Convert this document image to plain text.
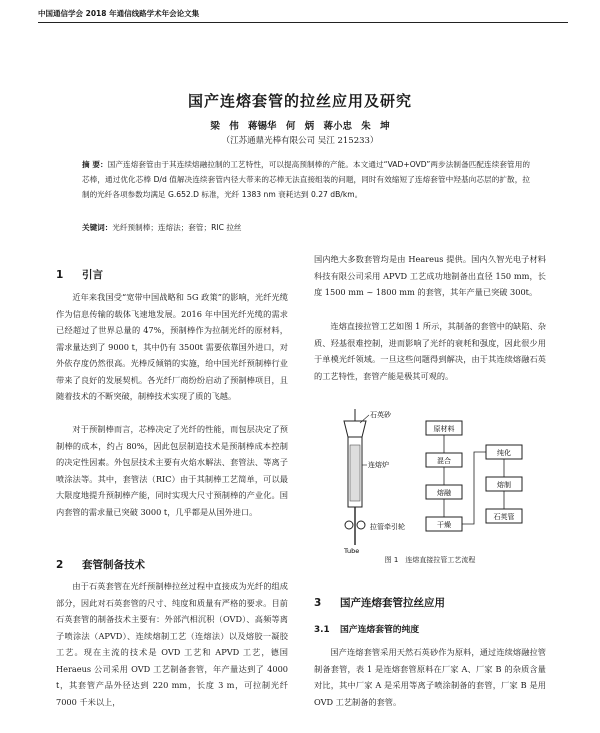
中国通信学会 2018 年通信线路学术年会论文集
国产连熔套管的拉丝应用及研究
梁 伟 蒋锡华 何 炳 蒋小忠 朱 坤
（江苏通鼎光棒有限公司 吴江 215233）
摘 要：国产连熔套管由于其连续熔融拉制的工艺特性，可以提高预制棒的产能。本文通过“VAD+OVD”两步法制备匹配连续套管用的芯棒，通过优化芯棒 D/d 值解决连续套管内径大带来的芯棒无法直接组装的问题，同时有效缩短了连熔套管中羟基向芯层的扩散，拉制的光纤各项参数均满足 G.652.D 标准，光纤 1383 nm 衰耗达到 0.27 dB/km。
关键词：光纤预制棒；连熔法；套管；RIC 拉丝
1 引言
近年来我国受“宽带中国战略和 5G 政策”的影响，光纤光缆作为信息传输的载体飞速地发展。2016 年中国光纤光缆的需求已经超过了世界总量的 47%，预制棒作为拉制光纤的原材料，需求量达到了 9000 t，其中仍有 3500t 需要依靠国外进口，对外依存度仍然很高。光棒反倾销的实施，给中国光纤预制棒行业带来了良好的发展契机。各光纤厂商纷纷启动了预制棒项目，且随着技术的不断突破，制棒技术实现了质的飞越。
对于预制棒而言，芯棒决定了光纤的性能，而包层决定了预制棒的成本，约占 80%，因此包层制造技术是预制棒成本控制的决定性因素。外包层技术主要有火焰水解法、套管法、等离子喷涂法等。其中，套管法（RIC）由于其制棒工艺简单，可以最大限度地提升预制棒产能，同时实现大尺寸预制棒的产业化。国内套管的需求量已突破 3000 t，几乎都是从国外进口。
2 套管制备技术
由于石英套管在光纤预制棒拉丝过程中直接成为光纤的组成部分，因此对石英套管的尺寸、纯度和质量有严格的要求。目前石英套管的制备技术主要有：外部汽相沉积（OVD）、高频等离子喷涂法（APVD）、连续熔制工艺（连熔法）以及熔胶一凝胶工艺。现在主流的技术是 OVD 工艺和 APVD 工艺，德国 Heraeus 公司采用 OVD 工艺制备套管，年产量达到了 4000 t，其套管产品外径达到 220 mm，长度 3 m，可拉制光纤 7000 千米以上，
国内绝大多数套管均是由 Heareus 提供。国内久智光电子材料科技有限公司采用 APVD 工艺成功地制备出直径 150 mm，长度 1500 mm ~ 1800 mm 的套管，其年产量已突破 300t。
连熔直接拉管工艺如图 1 所示，其制备的套管中的缺陷、杂质、羟基很难控制，进而影响了光纤的衰耗和强度，因此很少用于单模光纤领域。一旦这些问题得到解决，由于其连续熔融石英的工艺特性，套管产能是极其可观的。
石英砂
连熔炉
拉管牵引轮
Tube
原材料
混合
熔融
干燥
纯化
熔制
石英管
图 1　连熔直接拉管工艺流程
3 国产连熔套管拉丝应用
3.1 国产连熔套管的纯度
国产连熔套管采用天然石英砂作为原料，通过连续熔融拉管制备套管，表 1 是连熔套管原料在厂家 A、厂家 B 的杂质含量对比，其中厂家 A 是采用等离子喷涂制备的套管，厂家 B 是用 OVD 工艺制备的套管。
